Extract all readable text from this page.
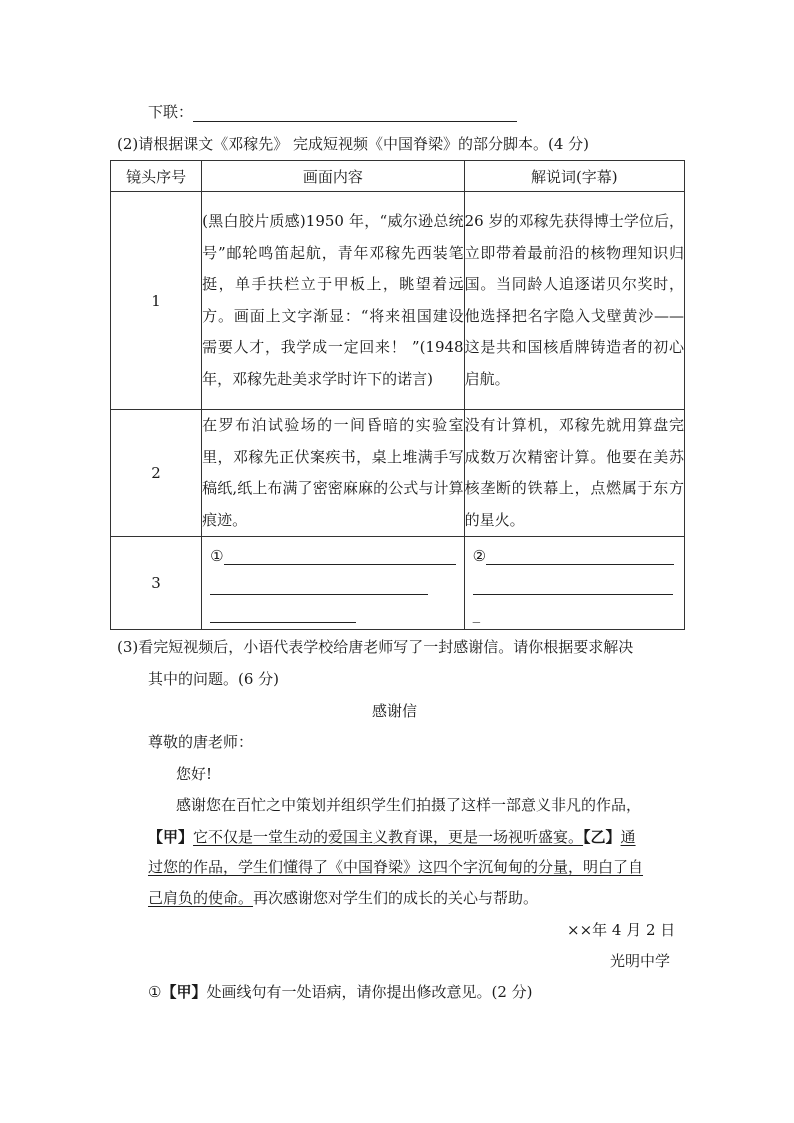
下联：
(2)请根据课文《邓稼先》 完成短视频《中国脊梁》的部分脚本。(4 分)
镜头序号	画面内容	解说词(字幕)
1	(黑白胶片质感)1950 年，“威尔逊总统号”邮轮鸣笛起航，青年邓稼先西装笔挺，单手扶栏立于甲板上，眺望着远方。画面上文字渐显：“将来祖国建设需要人才，我学成一定回来！ ”(1948 年，邓稼先赴美求学时许下的诺言)	26 岁的邓稼先获得博士学位后，立即带着最前沿的核物理知识归国。当同龄人追逐诺贝尔奖时，他选择把名字隐入戈壁黄沙——这是共和国核盾牌铸造者的初心启航。
2	在罗布泊试验场的一间昏暗的实验室里，邓稼先正伏案疾书，桌上堆满手写稿纸,纸上布满了密密麻麻的公式与计算痕迹。	没有计算机，邓稼先就用算盘完成数万次精密计算。他要在美苏核垄断的铁幕上，点燃属于东方的星火。
3	①	②
_
(3)看完短视频后，小语代表学校给唐老师写了一封感谢信。请你根据要求解决
其中的问题。(6 分)
感谢信
尊敬的唐老师：
您好!
感谢您在百忙之中策划并组织学生们拍摄了这样一部意义非凡的作品，
【甲】它不仅是一堂生动的爱国主义教育课，更是一场视听盛宴。【乙】通
过您的作品，学生们懂得了《中国脊梁》这四个字沉甸甸的分量，明白了自
己肩负的使命。再次感谢您对学生们的成长的关心与帮助。
××年 4 月 2 日
光明中学
①【甲】处画线句有一处语病，请你提出修改意见。(2 分)
